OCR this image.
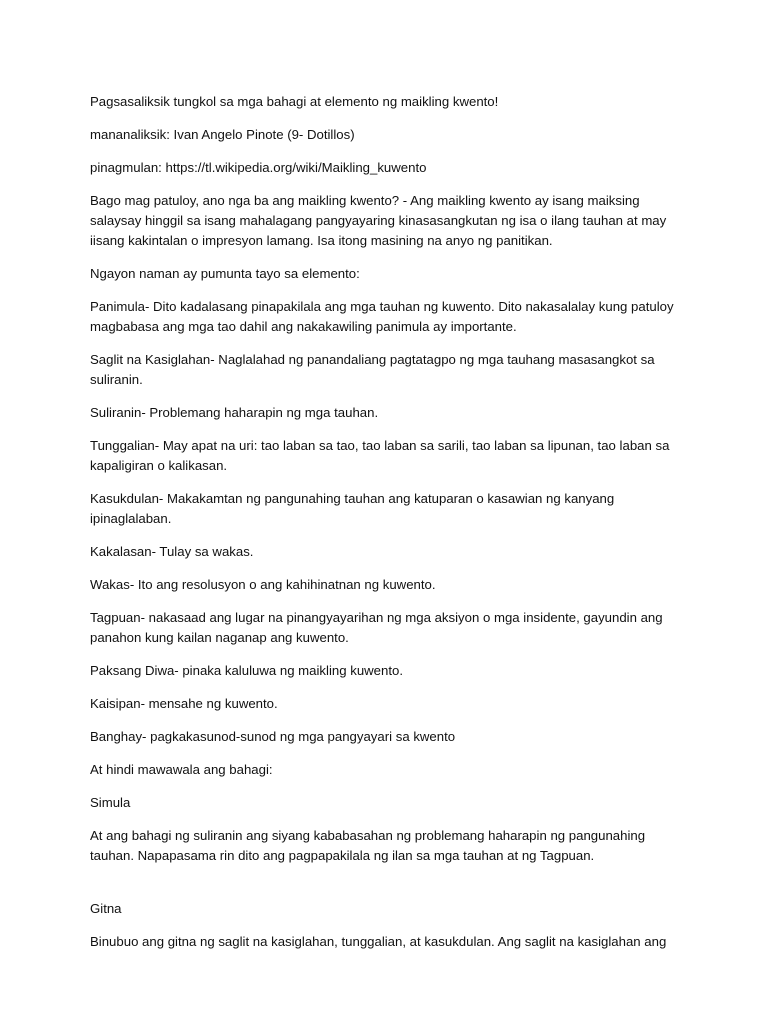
Pagsasaliksik tungkol sa mga bahagi at elemento ng maikling kwento!

mananaliksik: Ivan Angelo Pinote (9- Dotillos)

pinagmulan: https://tl.wikipedia.org/wiki/Maikling_kuwento

Bago mag patuloy, ano nga ba ang maikling kwento? - Ang maikling kwento ay isang maiksing salaysay hinggil sa isang mahalagang pangyayaring kinasasangkutan ng isa o ilang tauhan at may iisang kakintalan o impresyon lamang. Isa itong masining na anyo ng panitikan.

Ngayon naman ay pumunta tayo sa elemento:

Panimula- Dito kadalasang pinapakilala ang mga tauhan ng kuwento. Dito nakasalalay kung patuloy magbabasa ang mga tao dahil ang nakakawiling panimula ay importante.

Saglit na Kasiglahan- Naglalahad ng panandaliang pagtatagpo ng mga tauhang masasangkot sa suliranin.

Suliranin- Problemang haharapin ng mga tauhan.

Tunggalian- May apat na uri: tao laban sa tao, tao laban sa sarili, tao laban sa lipunan, tao laban sa kapaligiran o kalikasan.

Kasukdulan- Makakamtan ng pangunahing tauhan ang katuparan o kasawian ng kanyang ipinaglalaban.

Kakalasan- Tulay sa wakas.

Wakas- Ito ang resolusyon o ang kahihinatnan ng kuwento.

Tagpuan- nakasaad ang lugar na pinangyayarihan ng mga aksiyon o mga insidente, gayundin ang panahon kung kailan naganap ang kuwento.

Paksang Diwa- pinaka kaluluwa ng maikling kuwento.

Kaisipan- mensahe ng kuwento.

Banghay- pagkakasunod-sunod ng mga pangyayari sa kwento

At hindi mawawala ang bahagi:

Simula

At ang bahagi ng suliranin ang siyang kababasahan ng problemang haharapin ng pangunahing tauhan. Napapasama rin dito ang pagpapakilala ng ilan sa mga tauhan at ng Tagpuan.

Gitna

Binubuo ang gitna ng saglit na kasiglahan, tunggalian, at kasukdulan. Ang saglit na kasiglahan ang
